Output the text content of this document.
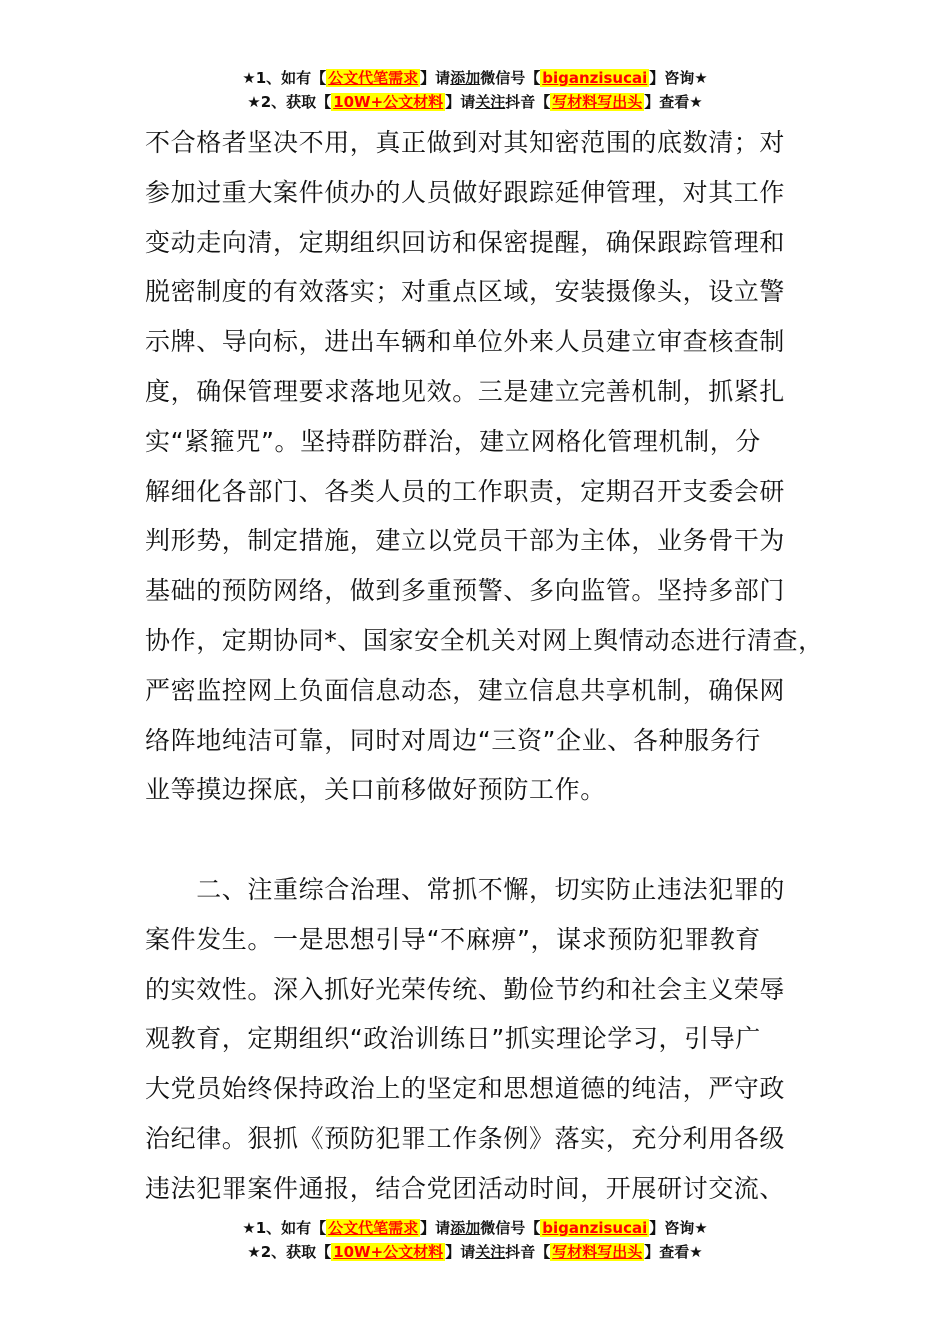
★1、如有【 公文代笔需求 】请添加微信号【 biganzisucai 】咨询★
★2、获取【 10W+公文材料 】请关注抖音【 写材料写出头 】查看★
不合格者坚决不用，真正做到对其知密范围的底数清；对
参加过重大案件侦办的人员做好跟踪延伸管理，对其工作
变动走向清，定期组织回访和保密提醒，确保跟踪管理和
脱密制度的有效落实；对重点区域，安装摄像头，设立警
示牌、导向标，进出车辆和单位外来人员建立审查核查制
度，确保管理要求落地见效。三是建立完善机制，抓紧扎
实“紧箍咒”。坚持群防群治，建立网格化管理机制，分
解细化各部门、各类人员的工作职责，定期召开支委会研
判形势，制定措施，建立以党员干部为主体，业务骨干为
基础的预防网络，做到多重预警、多向监管。坚持多部门
协作，定期协同*、国家安全机关对网上舆情动态进行清查，
严密监控网上负面信息动态，建立信息共享机制，确保网
络阵地纯洁可靠，同时对周边“三资”企业、各种服务行
业等摸边探底，关口前移做好预防工作。
　　二、注重综合治理、常抓不懈，切实防止违法犯罪的
案件发生。一是思想引导“不麻痹”，谋求预防犯罪教育
的实效性。深入抓好光荣传统、勤俭节约和社会主义荣辱
观教育，定期组织“政治训练日”抓实理论学习，引导广
大党员始终保持政治上的坚定和思想道德的纯洁，严守政
治纪律。狠抓《预防犯罪工作条例》落实，充分利用各级
违法犯罪案件通报，结合党团活动时间，开展研讨交流、
★1、如有【 公文代笔需求 】请添加微信号【 biganzisucai 】咨询★
★2、获取【 10W+公文材料 】请关注抖音【 写材料写出头 】查看★
